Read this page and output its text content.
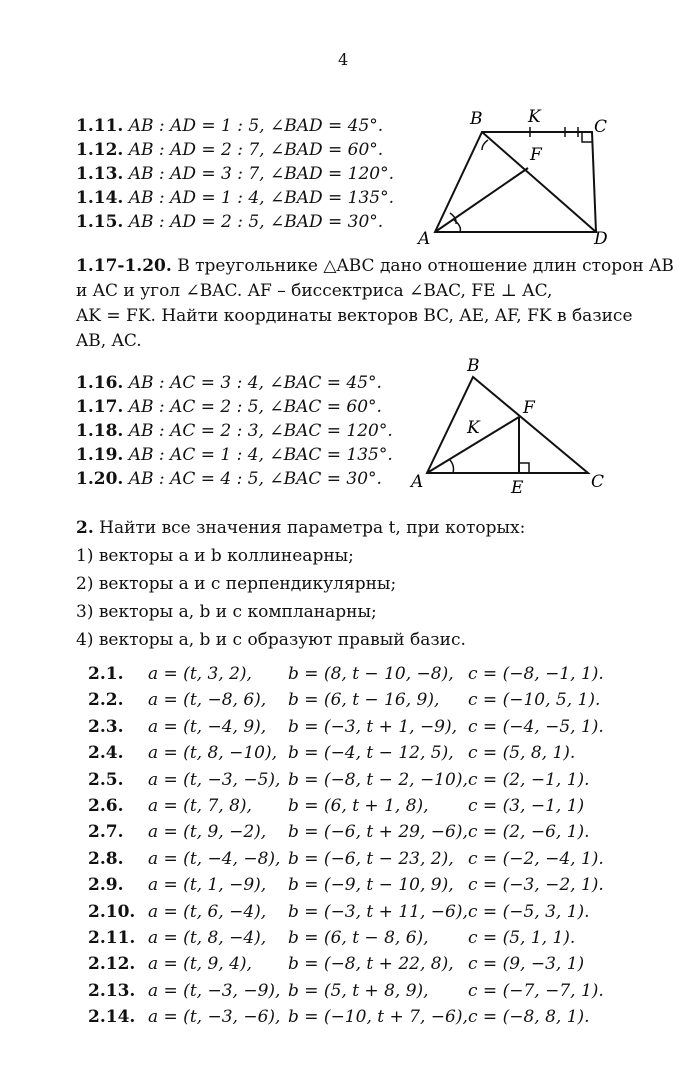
4
1.11. AB : AD = 1 : 5, ∠BAD = 45°.
1.12. AB : AD = 2 : 7, ∠BAD = 60°.
1.13. AB : AD = 3 : 7, ∠BAD = 120°.
1.14. AB : AD = 1 : 4, ∠BAD = 135°.
1.15. AB : AD = 2 : 5, ∠BAD = 30°.
A
B	C
D
K
F
1.17-1.20. В треугольнике △ABC дано отношение длин сторон AB
и AC и угол ∠BAC. AF – биссектриса ∠BAC, FE ⊥ AC,
AK = FK. Найти координаты векторов BC, AE, AF, FK в базисе
AB, AC.
1.16. AB : AC = 3 : 4, ∠BAC = 45°.
1.17. AB : AC = 2 : 5, ∠BAC = 60°.
1.18. AB : AC = 2 : 3, ∠BAC = 120°.
1.19. AB : AC = 1 : 4, ∠BAC = 135°.
1.20. AB : AC = 4 : 5, ∠BAC = 30°. A
B
C
K
F
E
2. Найти все значения параметра t, при которых:
1) векторы a и b коллинеарны;
2) векторы a и c перпендикулярны;
3) векторы a, b и c компланарны;
4) векторы a, b и c образуют правый базис.
2.1. a = (t, 3, 2), b = (8, t − 10, −8), c = (−8, −1, 1).
2.2. a = (t, −8, 6), b = (6, t − 16, 9), c = (−10, 5, 1).
2.3. a = (t, −4, 9), b = (−3, t + 1, −9), c = (−4, −5, 1).
2.4. a = (t, 8, −10), b = (−4, t − 12, 5), c = (5, 8, 1).
2.5. a = (t, −3, −5), b = (−8, t − 2, −10), c = (2, −1, 1).
2.6. a = (t, 7, 8), b = (6, t + 1, 8), c = (3, −1, 1)
2.7. a = (t, 9, −2), b = (−6, t + 29, −6), c = (2, −6, 1).
2.8. a = (t, −4, −8), b = (−6, t − 23, 2), c = (−2, −4, 1).
2.9. a = (t, 1, −9), b = (−9, t − 10, 9), c = (−3, −2, 1).
2.10. a = (t, 6, −4), b = (−3, t + 11, −6), c = (−5, 3, 1).
2.11. a = (t, 8, −4), b = (6, t − 8, 6), c = (5, 1, 1).
2.12. a = (t, 9, 4), b = (−8, t + 22, 8), c = (9, −3, 1)
2.13. a = (t, −3, −9), b = (5, t + 8, 9), c = (−7, −7, 1).
2.14. a = (t, −3, −6), b = (−10, t + 7, −6), c = (−8, 8, 1).
